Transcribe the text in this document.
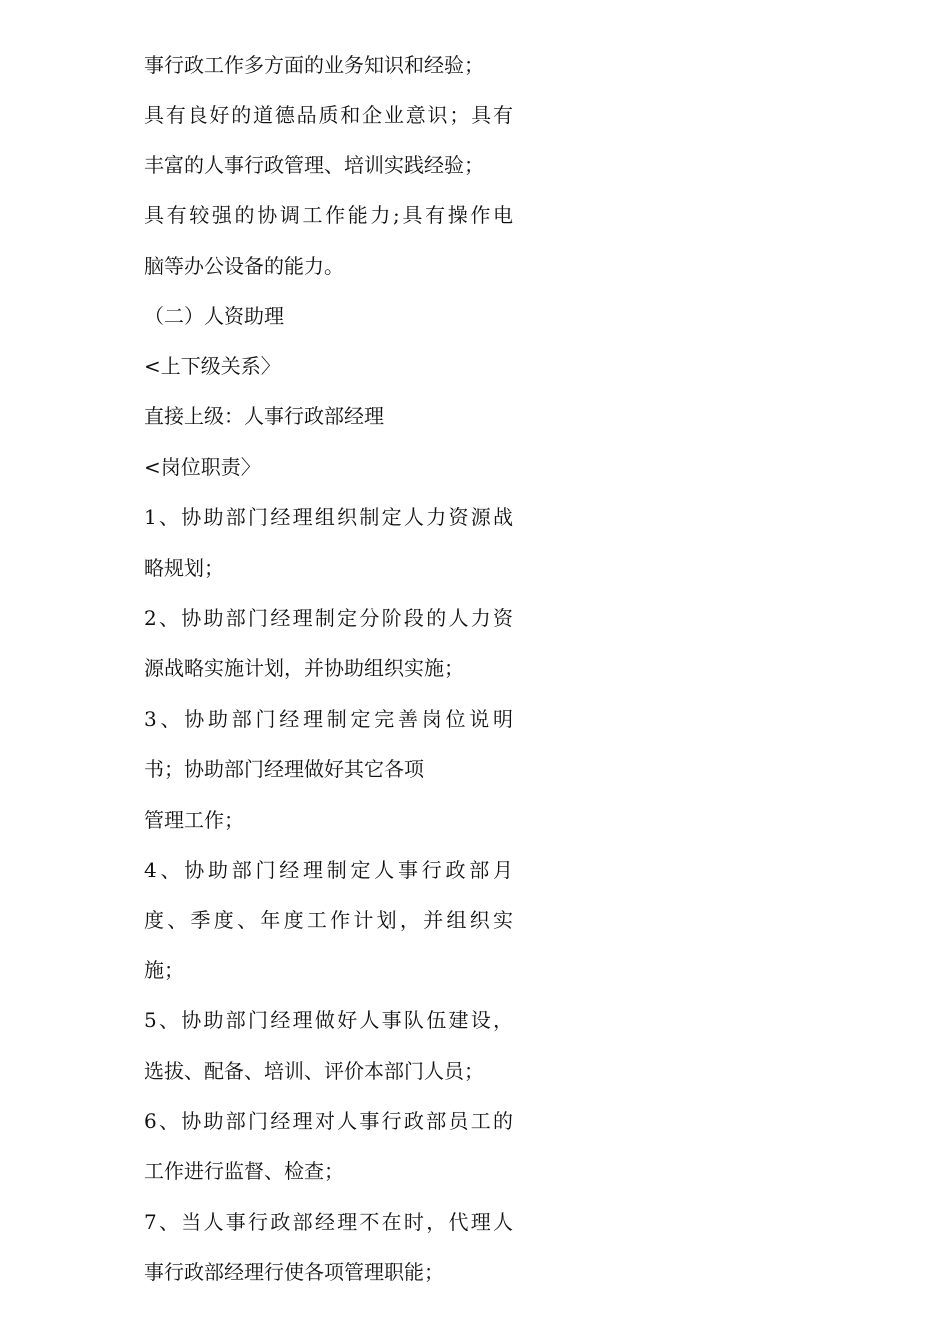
事行政工作多方面的业务知识和经验；
具有良好的道德品质和企业意识；具有
丰富的人事行政管理、培训实践经验；
具有较强的协调工作能力;具有操作电
脑等办公设备的能力。
（二）人资助理
<上下级关系〉
直接上级：人事行政部经理
<岗位职责〉
1、协助部门经理组织制定人力资源战
略规划；
2、协助部门经理制定分阶段的人力资
源战略实施计划，并协助组织实施；
3、协助部门经理制定完善岗位说明
书；协助部门经理做好其它各项
管理工作；
4、协助部门经理制定人事行政部月
度、季度、年度工作计划，并组织实
施；
5、协助部门经理做好人事队伍建设，
选拔、配备、培训、评价本部门人员；
6、协助部门经理对人事行政部员工的
工作进行监督、检查；
7、当人事行政部经理不在时，代理人
事行政部经理行使各项管理职能；
